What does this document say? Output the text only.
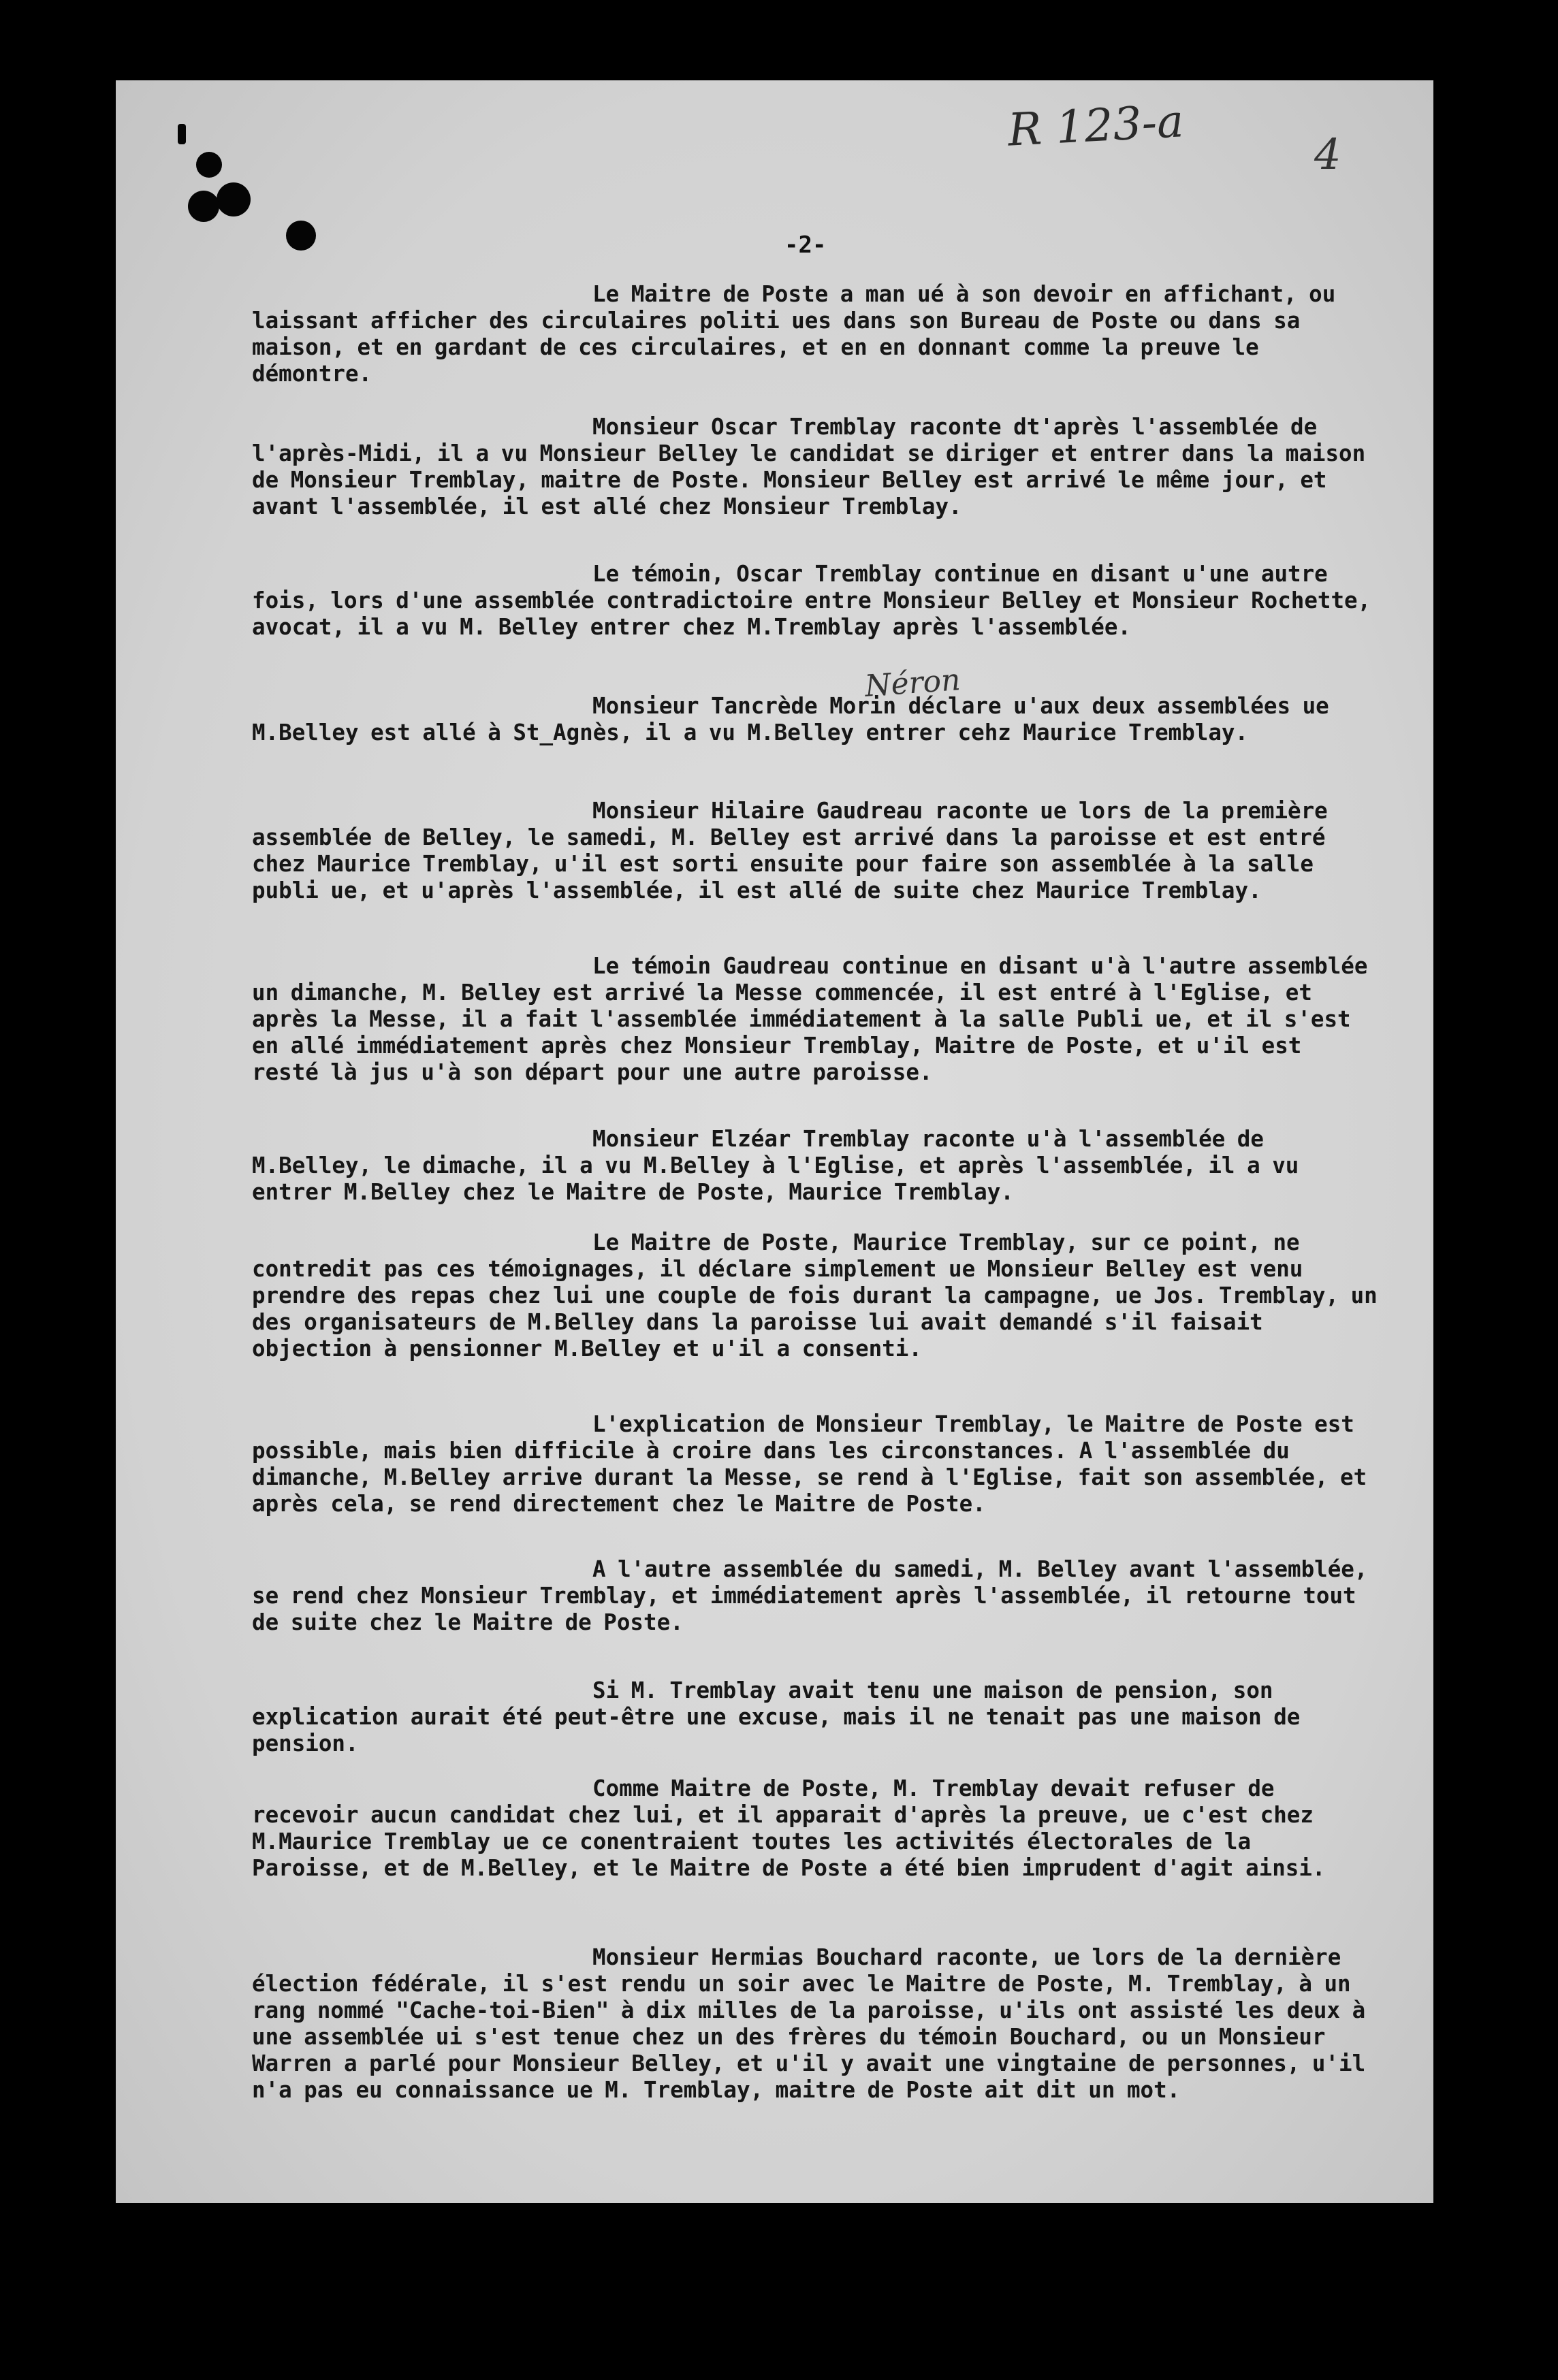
R 123-a	4
-2-
Néron

Le Maitre de Poste a man ué à son devoir en affichant, ou laissant afficher des circulaires politi ues dans son Bureau de Poste ou dans sa maison, et en gardant de ces circulaires, et en en donnant comme la preuve le démontre.

Monsieur Oscar Tremblay raconte dt'après l'assemblée de l'après-Midi, il a vu Monsieur Belley le candidat se diriger et entrer dans la maison de Monsieur Tremblay, maitre de Poste. Monsieur Belley est arrivé le même jour, et avant l'assemblée, il est allé chez Monsieur Tremblay.

Le témoin, Oscar Tremblay continue en disant u'une autre fois, lors d'une assemblée contradictoire entre Monsieur Belley et Monsieur Rochette, avocat, il a vu M. Belley entrer chez M.Tremblay après l'assemblée.

Monsieur Tancrède Morin déclare u'aux deux assemblées ue M.Belley est allé à St_Agnès, il a vu M.Belley entrer cehz Maurice Tremblay.

Monsieur Hilaire Gaudreau raconte ue lors de la première assemblée de Belley, le samedi, M. Belley est arrivé dans la paroisse et est entré chez Maurice Tremblay, u'il est sorti ensuite pour faire son assemblée à la salle publi ue, et u'après l'assemblée, il est allé de suite chez Maurice Tremblay.

Le témoin Gaudreau continue en disant u'à l'autre assemblée un dimanche, M. Belley est arrivé la Messe commencée, il est entré à l'Eglise, et après la Messe, il a fait l'assemblée immédiatement à la salle Publi ue, et il s'est en allé immédiatement après chez Monsieur Tremblay, Maitre de Poste, et u'il est resté là jus u'à son départ pour une autre paroisse.

Monsieur Elzéar Tremblay raconte u'à l'assemblée de M.Belley, le dimache, il a vu M.Belley à l'Eglise, et après l'assemblée, il a vu entrer M.Belley chez le Maitre de Poste, Maurice Tremblay.

Le Maitre de Poste, Maurice Tremblay, sur ce point, ne contredit pas ces témoignages, il déclare simplement ue Monsieur Belley est venu prendre des repas chez lui une couple de fois durant la campagne, ue Jos. Tremblay, un des organisateurs de M.Belley dans la paroisse lui avait demandé s'il faisait objection à pensionner M.Belley et u'il a consenti.

L'explication de Monsieur Tremblay, le Maitre de Poste est possible, mais bien difficile à croire dans les circonstances. A l'assemblée du dimanche, M.Belley arrive durant la Messe, se rend à l'Eglise, fait son assemblée, et après cela, se rend directement chez le Maitre de Poste.

A l'autre assemblée du samedi, M. Belley avant l'assemblée, se rend chez Monsieur Tremblay, et immédiatement après l'assemblée, il retourne tout de suite chez le Maitre de Poste.

Si M. Tremblay avait tenu une maison de pension, son explication aurait été peut-être une excuse, mais il ne tenait pas une maison de pension.

Comme Maitre de Poste, M. Tremblay devait refuser de recevoir aucun candidat chez lui, et il apparait d'après la preuve, ue c'est chez M.Maurice Tremblay ue ce conentraient toutes les activités électorales de la Paroisse, et de M.Belley, et le Maitre de Poste a été bien imprudent d'agit ainsi.

Monsieur Hermias Bouchard raconte, ue lors de la dernière élection fédérale, il s'est rendu un soir avec le Maitre de Poste, M. Tremblay, à un rang nommé "Cache-toi-Bien" à dix milles de la paroisse, u'ils ont assisté les deux à une assemblée ui s'est tenue chez un des frères du témoin Bouchard, ou un Monsieur Warren a parlé pour Monsieur Belley, et u'il y avait une vingtaine de personnes, u'il n'a pas eu connaissance ue M. Tremblay, maitre de Poste ait dit un mot.
